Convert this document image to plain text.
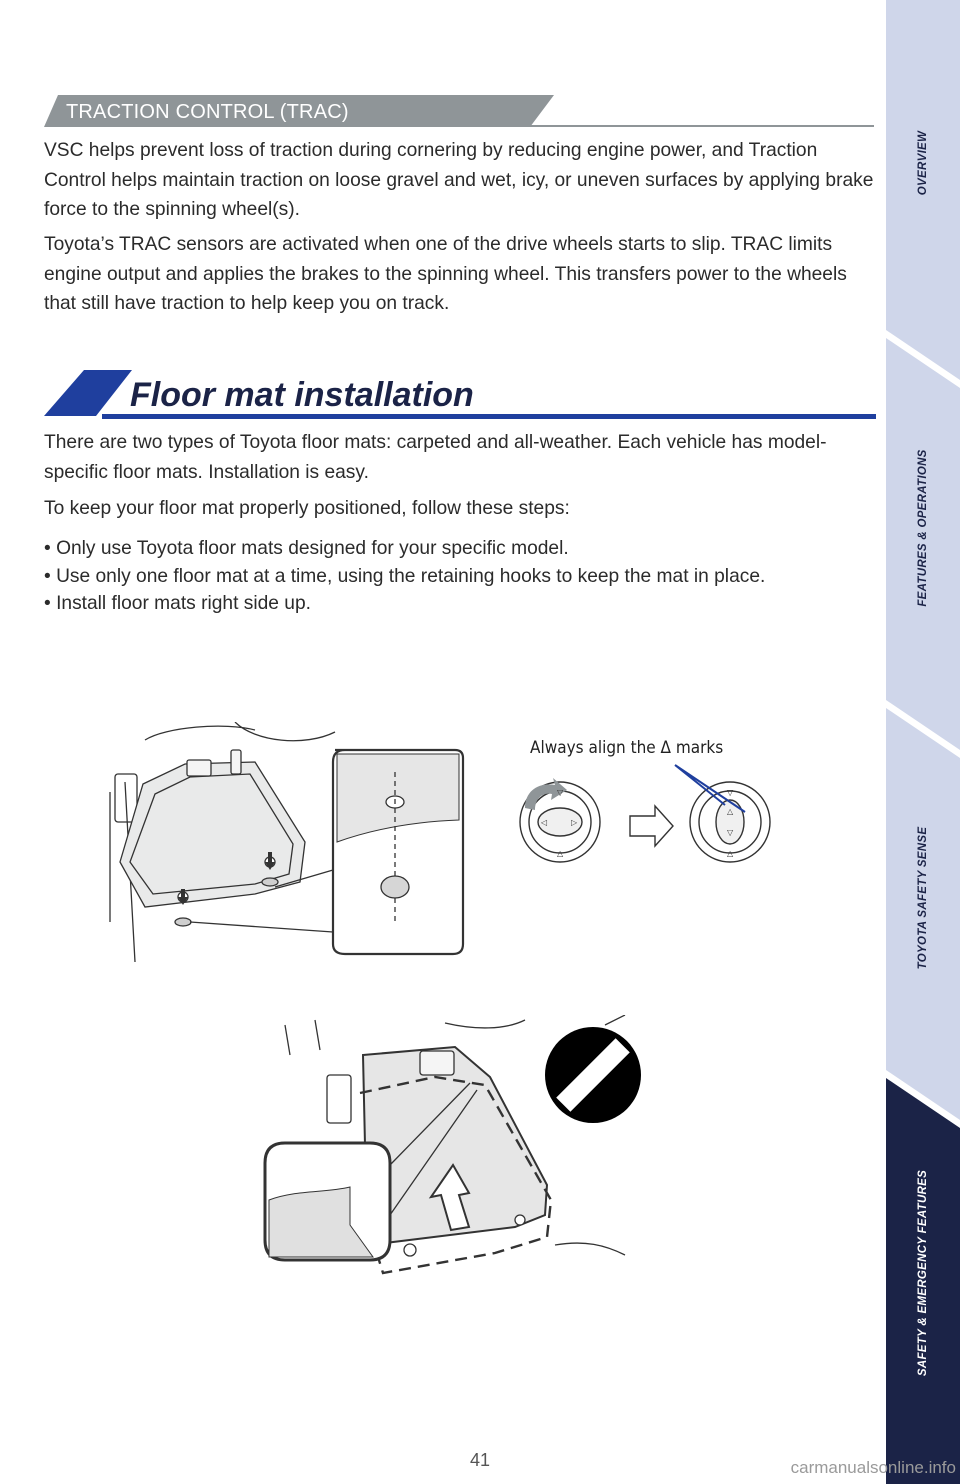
OVERVIEW
FEATURES & OPERATIONS
TOYOTA SAFETY SENSE
SAFETY & EMERGENCY FEATURES
TRACTION CONTROL (TRAC)

VSC helps prevent loss of traction during cornering by reducing engine power, and Traction Control helps maintain traction on loose gravel and wet, icy, or uneven surfaces by applying brake force to the spinning wheel(s).

Toyota’s TRAC sensors are activated when one of the drive wheels starts to slip. TRAC limits engine output and applies the brakes to the spinning wheel. This transfers power to the wheels that still have traction to help keep you on track.

Floor mat installation

There are two types of Toyota floor mats: carpeted and all-weather. Each vehicle has model-specific floor mats. Installation is easy.

To keep your floor mat properly positioned, follow these steps:

• Only use Toyota floor mats designed for your specific model.
• Use only one floor mat at a time, using the retaining hooks to keep the mat in place.
• Install floor mats right side up.
Always align the Δ marks
▽
△
◁	▷
▽
△
△
▽
41	carmanualsonline.info
